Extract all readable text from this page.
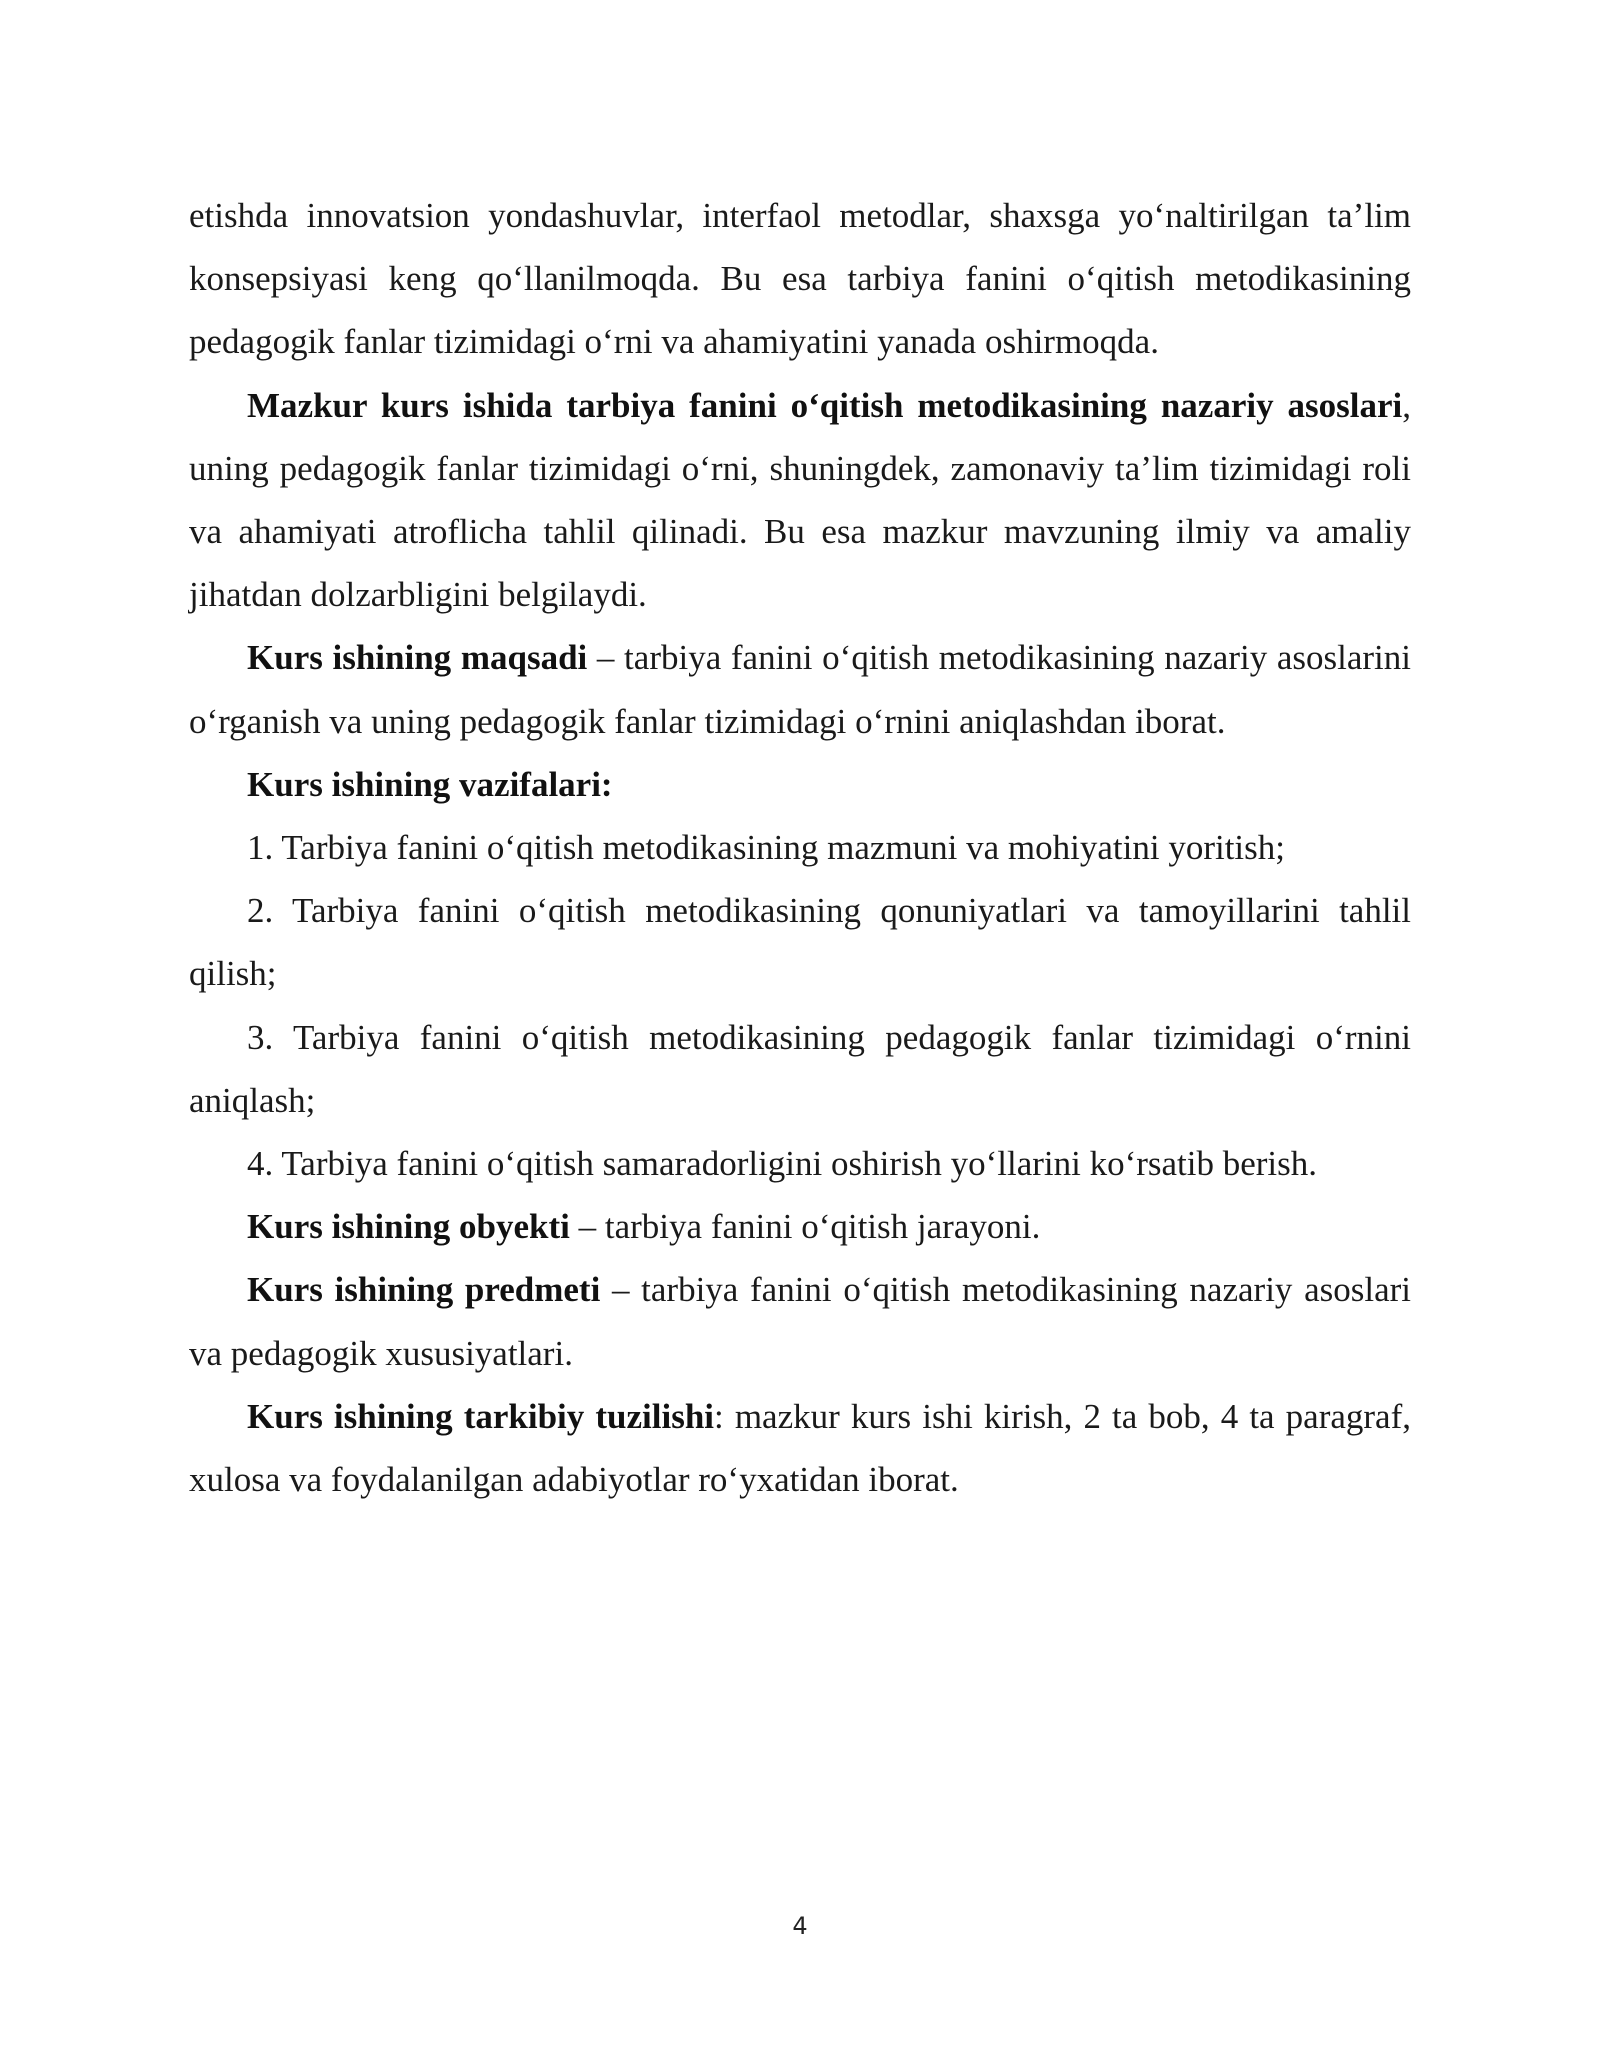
etishda innovatsion yondashuvlar, interfaol metodlar, shaxsga yo‘naltirilgan ta’lim konsepsiyasi keng qo‘llanilmoqda. Bu esa tarbiya fanini o‘qitish metodikasining pedagogik fanlar tizimidagi o‘rni va ahamiyatini yanada oshirmoqda.

Mazkur kurs ishida tarbiya fanini o‘qitish metodikasining nazariy asoslari, uning pedagogik fanlar tizimidagi o‘rni, shuningdek, zamonaviy ta’lim tizimidagi roli va ahamiyati atroflicha tahlil qilinadi. Bu esa mazkur mavzuning ilmiy va amaliy jihatdan dolzarbligini belgilaydi.

Kurs ishining maqsadi – tarbiya fanini o‘qitish metodikasining nazariy asoslarini o‘rganish va uning pedagogik fanlar tizimidagi o‘rnini aniqlashdan iborat.

Kurs ishining vazifalari:

1. Tarbiya fanini o‘qitish metodikasining mazmuni va mohiyatini yoritish;

2. Tarbiya fanini o‘qitish metodikasining qonuniyatlari va tamoyillarini tahlil qilish;

3. Tarbiya fanini o‘qitish metodikasining pedagogik fanlar tizimidagi o‘rnini aniqlash;

4. Tarbiya fanini o‘qitish samaradorligini oshirish yo‘llarini ko‘rsatib berish.

Kurs ishining obyekti – tarbiya fanini o‘qitish jarayoni.

Kurs ishining predmeti – tarbiya fanini o‘qitish metodikasining nazariy asoslari va pedagogik xususiyatlari.

Kurs ishining tarkibiy tuzilishi: mazkur kurs ishi kirish, 2 ta bob, 4 ta paragraf, xulosa va foydalanilgan adabiyotlar ro‘yxatidan iborat.

4
